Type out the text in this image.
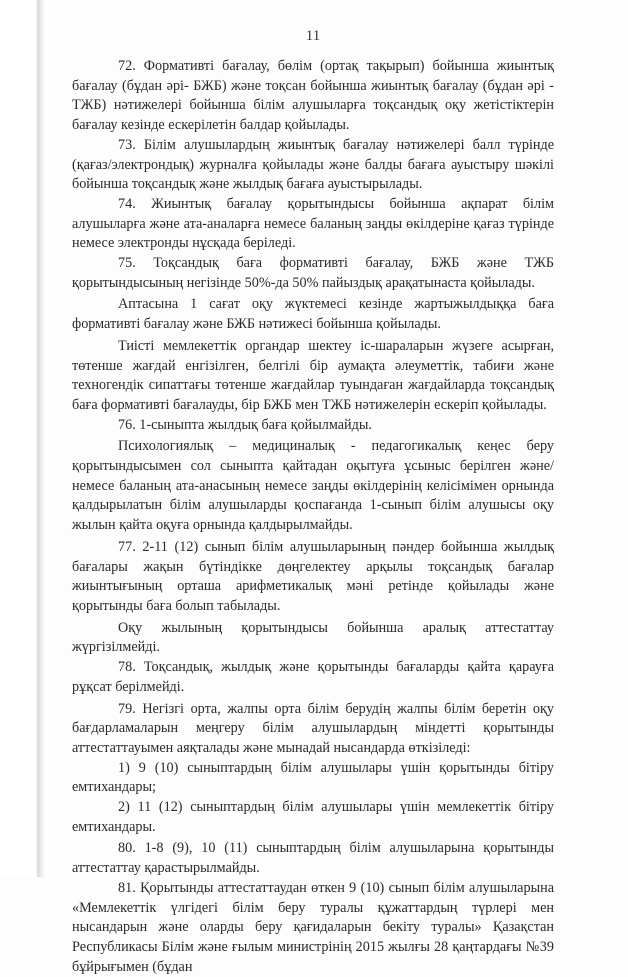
11

72. Формативті бағалау, бөлім (ортақ тақырып) бойынша жиынтық бағалау (бұдан әрі- БЖБ) және тоқсан бойынша жиынтық бағалау (бұдан әрі - ТЖБ) нәтижелері бойынша білім алушыларға тоқсандық оқу жетістіктерін бағалау кезінде ескерілетін балдар қойылады.

73. Білім алушылардың жиынтық бағалау нәтижелері балл түрінде (қағаз/электрондық) журналға қойылады және балды бағаға ауыстыру шәкілі бойынша тоқсандық және жылдық бағаға ауыстырылады.

74. Жиынтық бағалау қорытындысы бойынша ақпарат білім алушыларға және ата-аналарға немесе баланың заңды өкілдеріне қағаз түрінде немесе электронды нұсқада беріледі.

75. Тоқсандық баға формативті бағалау, БЖБ және ТЖБ қорытындысының негізінде 50%-да 50% пайыздық арақатынаста қойылады.

Аптасына 1 сағат оқу жүктемесі кезінде жартыжылдыққа баға формативті бағалау және БЖБ нәтижесі бойынша қойылады.

Тиісті мемлекеттік органдар шектеу іс-шараларын жүзеге асырған, төтенше жағдай енгізілген, белгілі бір аумақта әлеуметтік, табиғи және техногендік сипаттағы төтенше жағдайлар туындаған жағдайларда тоқсандық баға формативті бағалауды, бір БЖБ мен ТЖБ нәтижелерін ескеріп қойылады.

76. 1-сыныпта жылдық баға қойылмайды.

Психологиялық – медициналық - педагогикалық кеңес беру қорытындысымен сол сыныпта қайтадан оқытуға ұсыныс берілген және/немесе баланың ата-анасының немесе заңды өкілдерінің келісімімен орнында қалдырылатын білім алушыларды қоспағанда 1-сынып білім алушысы оқу жылын қайта оқуға орнында қалдырылмайды.

77. 2-11 (12) сынып білім алушыларының пәндер бойынша жылдық бағалары жақын бүтіндікке дөңгелектеу арқылы тоқсандық бағалар жиынтығының орташа арифметикалық мәні ретінде қойылады және қорытынды баға болып табылады.

Оқу жылының қорытындысы бойынша аралық аттестаттау жүргізілмейді.

78. Тоқсандық, жылдық және қорытынды бағаларды қайта қарауға рұқсат берілмейді.

79. Негізгі орта, жалпы орта білім берудің жалпы білім беретін оқу бағдарламаларын меңгеру білім алушылардың міндетті қорытынды аттестаттауымен аяқталады және мынадай нысандарда өткізіледі:

1) 9 (10) сыныптардың білім алушылары үшін қорытынды бітіру емтихандары;

2) 11 (12) сыныптардың білім алушылары үшін мемлекеттік бітіру емтихандары.

80. 1-8 (9), 10 (11) сыныптардың білім алушыларына қорытынды аттестаттау қарастырылмайды.

81. Қорытынды аттестаттаудан өткен 9 (10) сынып білім алушыларына «Мемлекеттік үлгідегі білім беру туралы құжаттардың түрлері мен нысандарын және оларды беру қағидаларын бекіту туралы» Қазақстан Республикасы Білім және ғылым министрінің 2015 жылғы 28 қаңтардағы №39 бұйрығымен (бұдан
